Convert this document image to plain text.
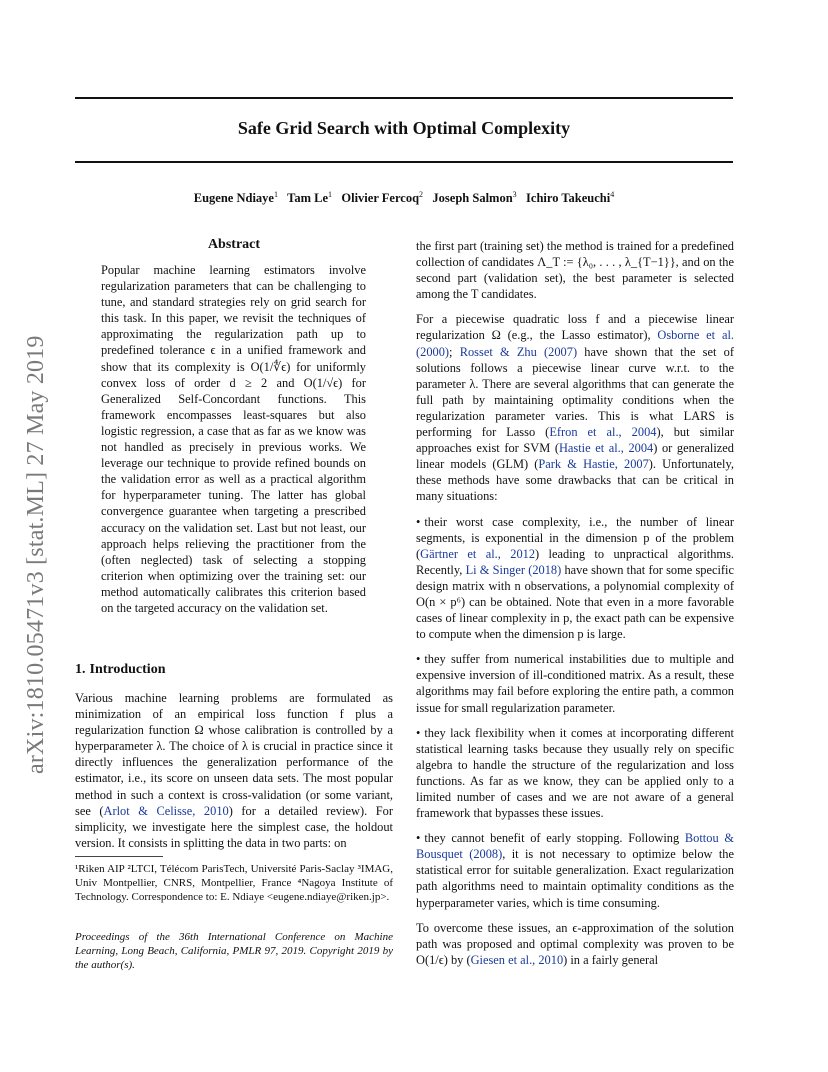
arXiv:1810.05471v3 [stat.ML] 27 May 2019
Safe Grid Search with Optimal Complexity
Eugene Ndiaye$^1$ Tam Le$^1$ Olivier Fercoq$^2$ Joseph Salmon$^3$ Ichiro Takeuchi$^4$
Abstract
Popular machine learning estimators involve regularization parameters that can be challenging to tune, and standard strategies rely on grid search for this task. In this paper, we revisit the techniques of approximating the regularization path up to predefined tolerance ϵ in a unified framework and show that its complexity is O(1/∜ϵ) for uniformly convex loss of order d ≥ 2 and O(1/√ϵ) for Generalized Self-Concordant functions. This framework encompasses least-squares but also logistic regression, a case that as far as we know was not handled as precisely in previous works. We leverage our technique to provide refined bounds on the validation error as well as a practical algorithm for hyperparameter tuning. The latter has global convergence guarantee when targeting a prescribed accuracy on the validation set. Last but not least, our approach helps relieving the practitioner from the (often neglected) task of selecting a stopping criterion when optimizing over the training set: our method automatically calibrates this criterion based on the targeted accuracy on the validation set.
1. Introduction

Various machine learning problems are formulated as minimization of an empirical loss function f plus a regularization function Ω whose calibration is controlled by a hyperparameter λ. The choice of λ is crucial in practice since it directly influences the generalization performance of the estimator, i.e., its score on unseen data sets. The most popular method in such a context is cross-validation (or some variant, see (Arlot & Celisse, 2010) for a detailed review). For simplicity, we investigate here the simplest case, the holdout version. It consists in splitting the data in two parts: on

¹Riken AIP ²LTCI, Télécom ParisTech, Université Paris-Saclay ³IMAG, Univ Montpellier, CNRS, Montpellier, France ⁴Nagoya Institute of Technology. Correspondence to: E. Ndiaye <eugene.ndiaye@riken.jp>.

Proceedings of the 36th International Conference on Machine Learning, Long Beach, California, PMLR 97, 2019. Copyright 2019 by the author(s).

the first part (training set) the method is trained for a predefined collection of candidates Λ_T := {λ₀, . . . , λ_{T−1}}, and on the second part (validation set), the best parameter is selected among the T candidates.

For a piecewise quadratic loss f and a piecewise linear regularization Ω (e.g., the Lasso estimator), Osborne et al. (2000); Rosset & Zhu (2007) have shown that the set of solutions follows a piecewise linear curve w.r.t. to the parameter λ. There are several algorithms that can generate the full path by maintaining optimality conditions when the regularization parameter varies. This is what LARS is performing for Lasso (Efron et al., 2004), but similar approaches exist for SVM (Hastie et al., 2004) or generalized linear models (GLM) (Park & Hastie, 2007). Unfortunately, these methods have some drawbacks that can be critical in many situations:

• their worst case complexity, i.e., the number of linear segments, is exponential in the dimension p of the problem (Gärtner et al., 2012) leading to unpractical algorithms. Recently, Li & Singer (2018) have shown that for some specific design matrix with n observations, a polynomial complexity of O(n × p⁶) can be obtained. Note that even in a more favorable cases of linear complexity in p, the exact path can be expensive to compute when the dimension p is large.

• they suffer from numerical instabilities due to multiple and expensive inversion of ill-conditioned matrix. As a result, these algorithms may fail before exploring the entire path, a common issue for small regularization parameter.

• they lack flexibility when it comes at incorporating different statistical learning tasks because they usually rely on specific algebra to handle the structure of the regularization and loss functions. As far as we know, they can be applied only to a limited number of cases and we are not aware of a general framework that bypasses these issues.

• they cannot benefit of early stopping. Following Bottou & Bousquet (2008), it is not necessary to optimize below the statistical error for suitable generalization. Exact regularization path algorithms need to maintain optimality conditions as the hyperparameter varies, which is time consuming.

To overcome these issues, an ϵ-approximation of the solution path was proposed and optimal complexity was proven to be O(1/ϵ) by (Giesen et al., 2010) in a fairly general
